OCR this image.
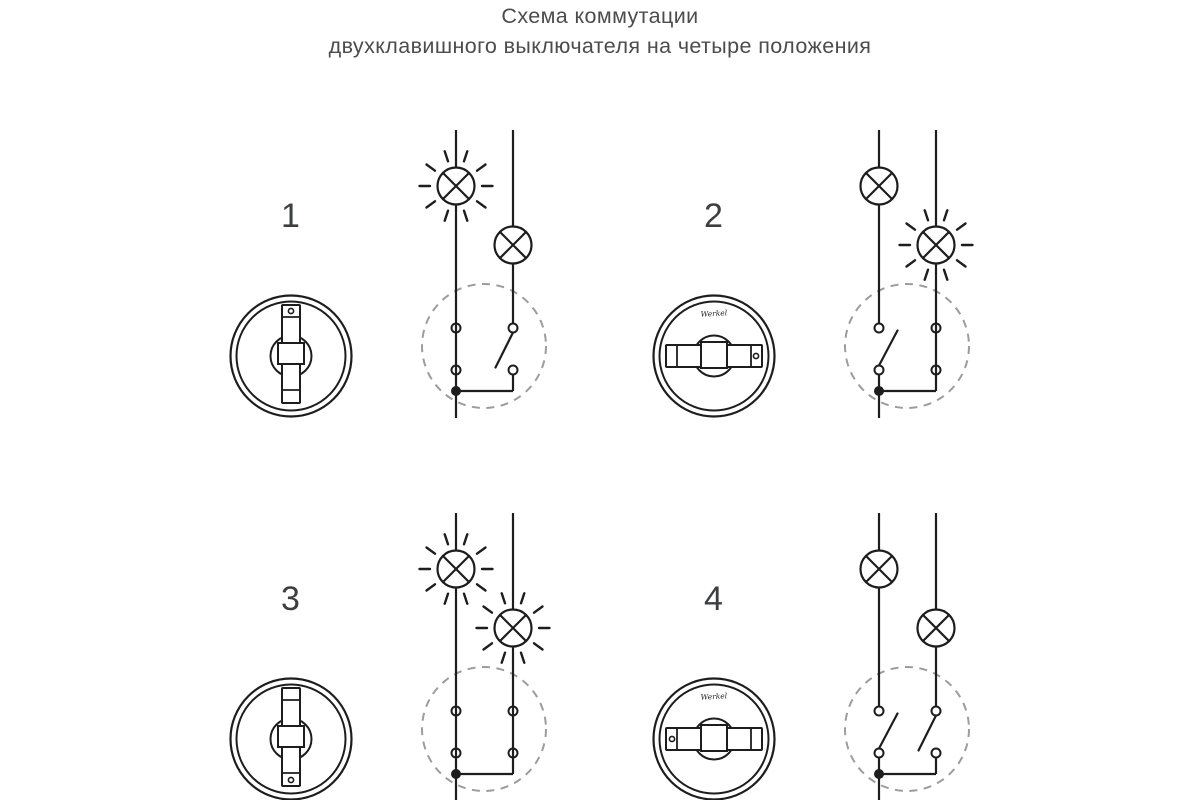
Схема коммутации
двухклавишного выключателя на четыре положения
1	2
Werkel
3	4
Werkel
